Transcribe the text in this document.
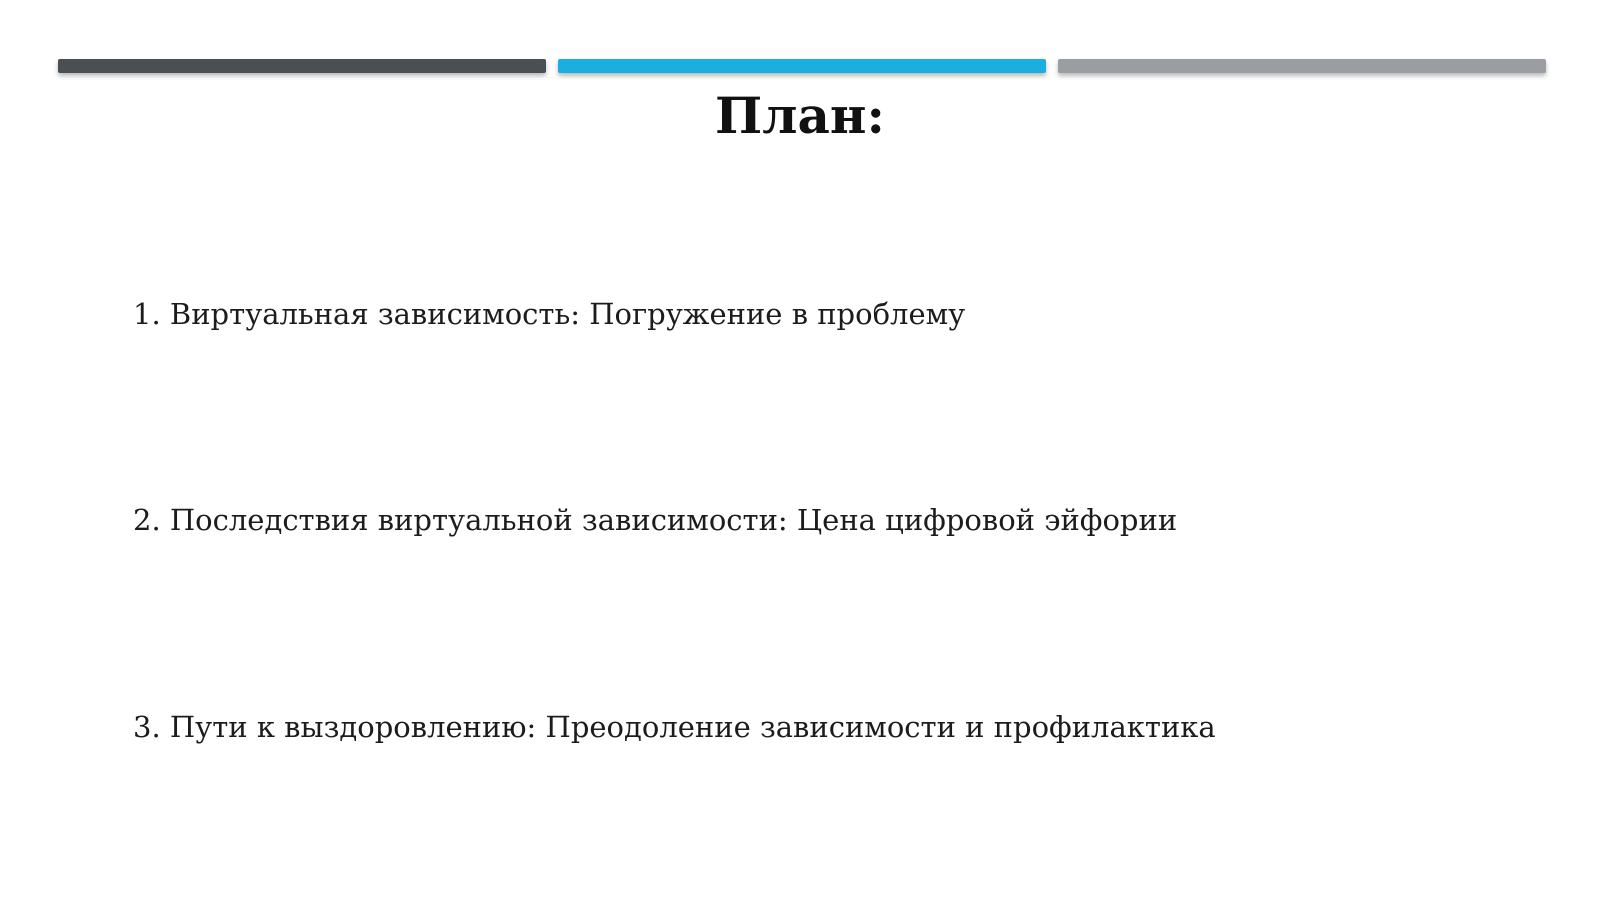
План:
1. Виртуальная зависимость: Погружение в проблему
2. Последствия виртуальной зависимости: Цена цифровой эйфории
3. Пути к выздоровлению: Преодоление зависимости и профилактика
